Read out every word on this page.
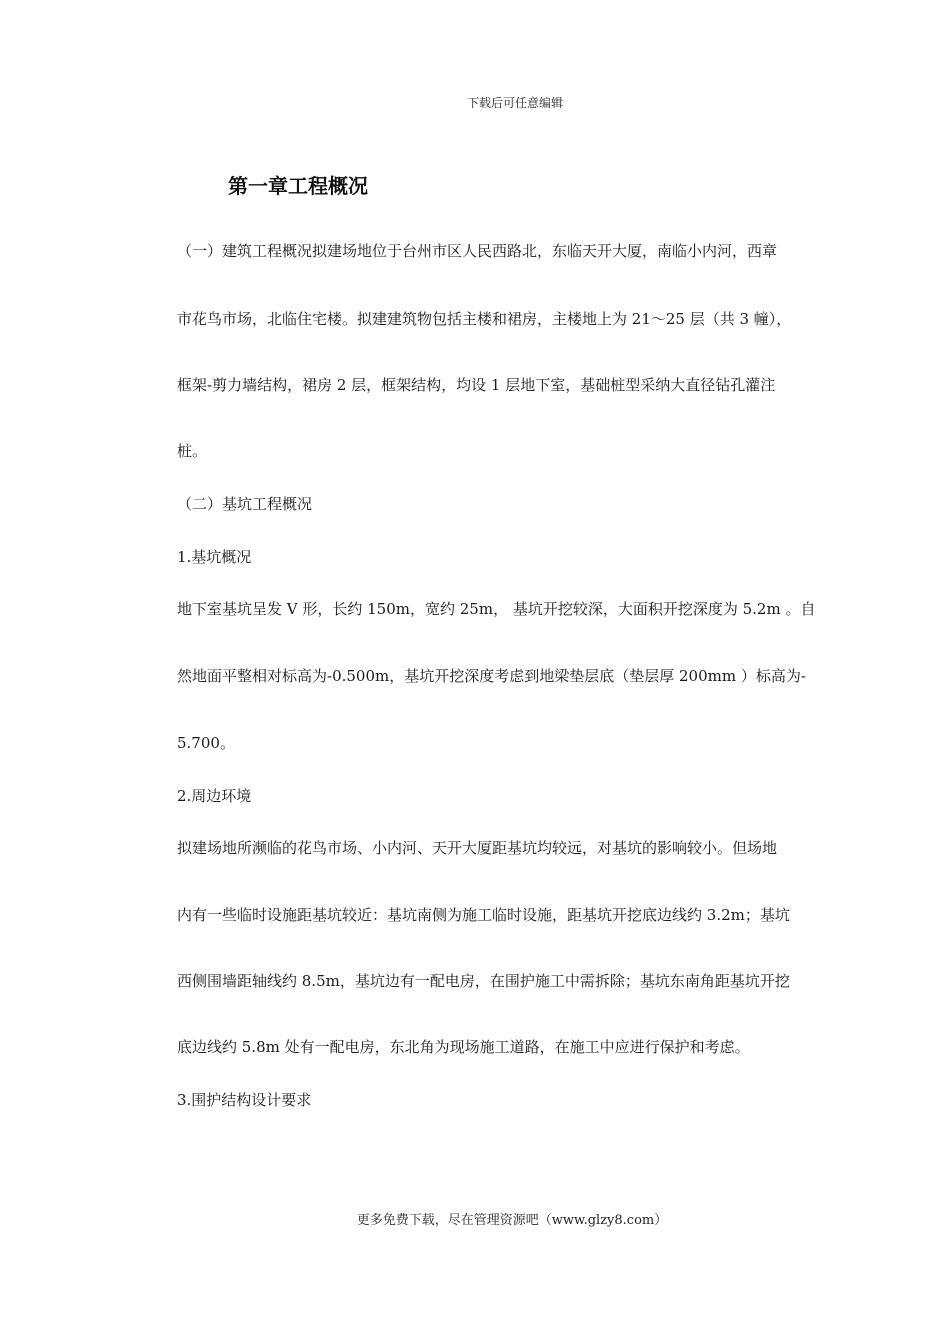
下载后可任意编辑
第一章工程概况
（一）建筑工程概况拟建场地位于台州市区人民西路北，东临天开大厦，南临小内河，西章
市花鸟市场，北临住宅楼。拟建建筑物包括主楼和裙房，主楼地上为 21～25 层（共 3 幢），
框架-剪力墙结构，裙房 2 层，框架结构，均设 1 层地下室，基础桩型采纳大直径钻孔灌注
桩。
（二）基坑工程概况
1.基坑概况
地下室基坑呈发 V 形，长约 150m，宽约 25m， 基坑开挖较深，大面积开挖深度为 5.2m 。自
然地面平整相对标高为-0.500m，基坑开挖深度考虑到地梁垫层底（垫层厚 200mm ）标高为-
5.700。
2.周边环境
拟建场地所濒临的花鸟市场、小内河、天开大厦距基坑均较远，对基坑的影响较小。但场地
内有一些临时设施距基坑较近：基坑南侧为施工临时设施，距基坑开挖底边线约 3.2m；基坑
西侧围墙距轴线约 8.5m，基坑边有一配电房，在围护施工中需拆除；基坑东南角距基坑开挖
底边线约 5.8m 处有一配电房，东北角为现场施工道路，在施工中应进行保护和考虑。
3.围护结构设计要求
更多免费下载，尽在管理资源吧（www.glzy8.com）
